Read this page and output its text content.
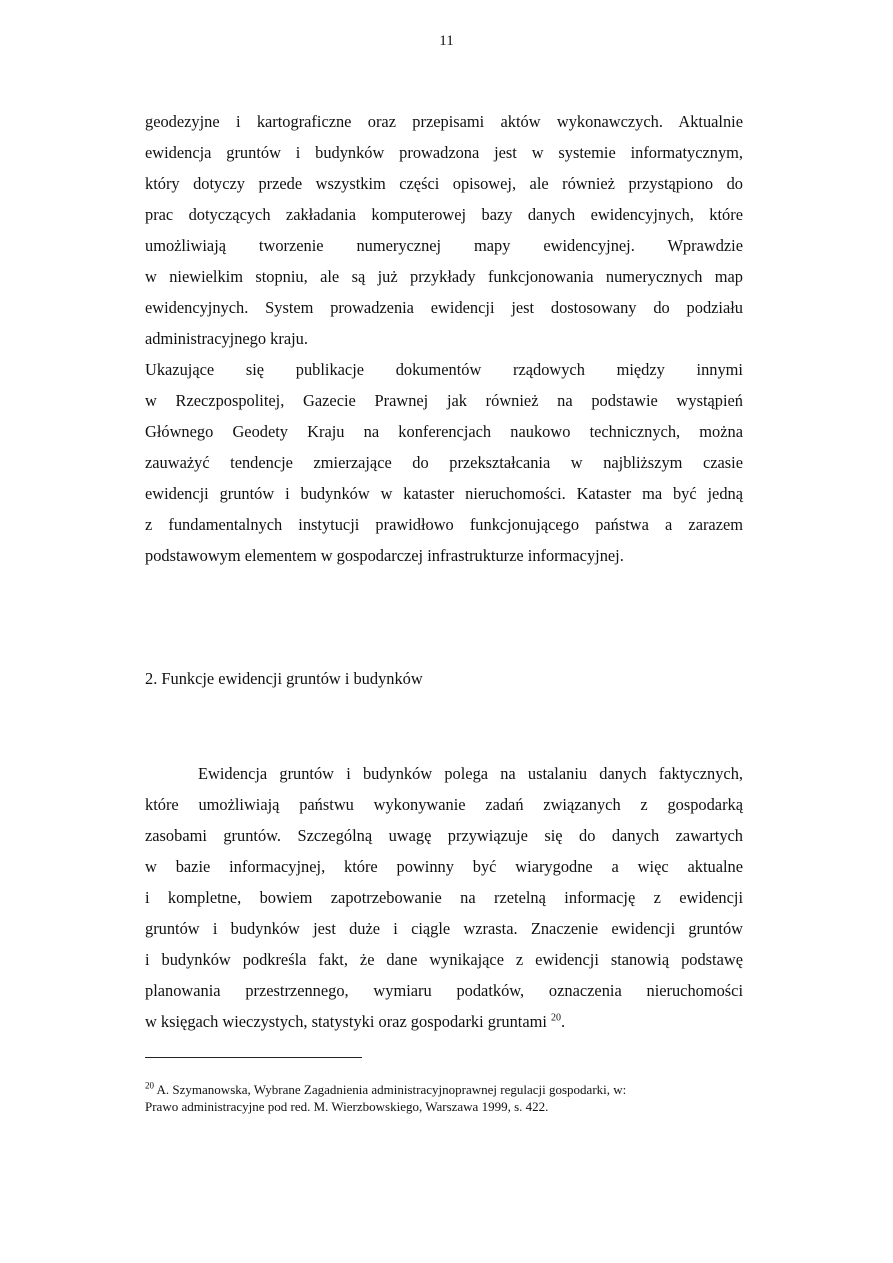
11
geodezyjne i kartograficzne oraz przepisami aktów wykonawczych. Aktualnie
ewidencja gruntów i budynków prowadzona jest w systemie informatycznym,
który dotyczy przede wszystkim części opisowej, ale również przystąpiono do
prac dotyczących zakładania komputerowej bazy danych ewidencyjnych, które
umożliwiają tworzenie numerycznej mapy ewidencyjnej. Wprawdzie
w niewielkim stopniu, ale są już przykłady funkcjonowania numerycznych map
ewidencyjnych. System prowadzenia ewidencji jest dostosowany do podziału
administracyjnego kraju.
Ukazujące się publikacje dokumentów rządowych między innymi
w Rzeczpospolitej, Gazecie Prawnej jak również na podstawie wystąpień
Głównego Geodety Kraju na konferencjach naukowo technicznych, można
zauważyć tendencje zmierzające do przekształcania w najbliższym czasie
ewidencji gruntów i budynków w kataster nieruchomości. Kataster ma być jedną
z fundamentalnych instytucji prawidłowo funkcjonującego państwa a zarazem
podstawowym elementem w gospodarczej infrastrukturze informacyjnej.
2. Funkcje ewidencji gruntów i budynków
Ewidencja gruntów i budynków polega na ustalaniu danych faktycznych,
które umożliwiają państwu wykonywanie zadań związanych z gospodarką
zasobami gruntów. Szczególną uwagę przywiązuje się do danych zawartych
w bazie informacyjnej, które powinny być wiarygodne a więc aktualne
i kompletne, bowiem zapotrzebowanie na rzetelną informację z ewidencji
gruntów i budynków jest duże i ciągle wzrasta. Znaczenie ewidencji gruntów
i budynków podkreśla fakt, że dane wynikające z ewidencji stanowią podstawę
planowania przestrzennego, wymiaru podatków, oznaczenia nieruchomości
w księgach wieczystych, statystyki oraz gospodarki gruntami $^{20}$.
$^{20}$ A. Szymanowska, Wybrane Zagadnienia administracyjnoprawnej regulacji gospodarki, w:
Prawo administracyjne pod red. M. Wierzbowskiego, Warszawa 1999, s. 422.
